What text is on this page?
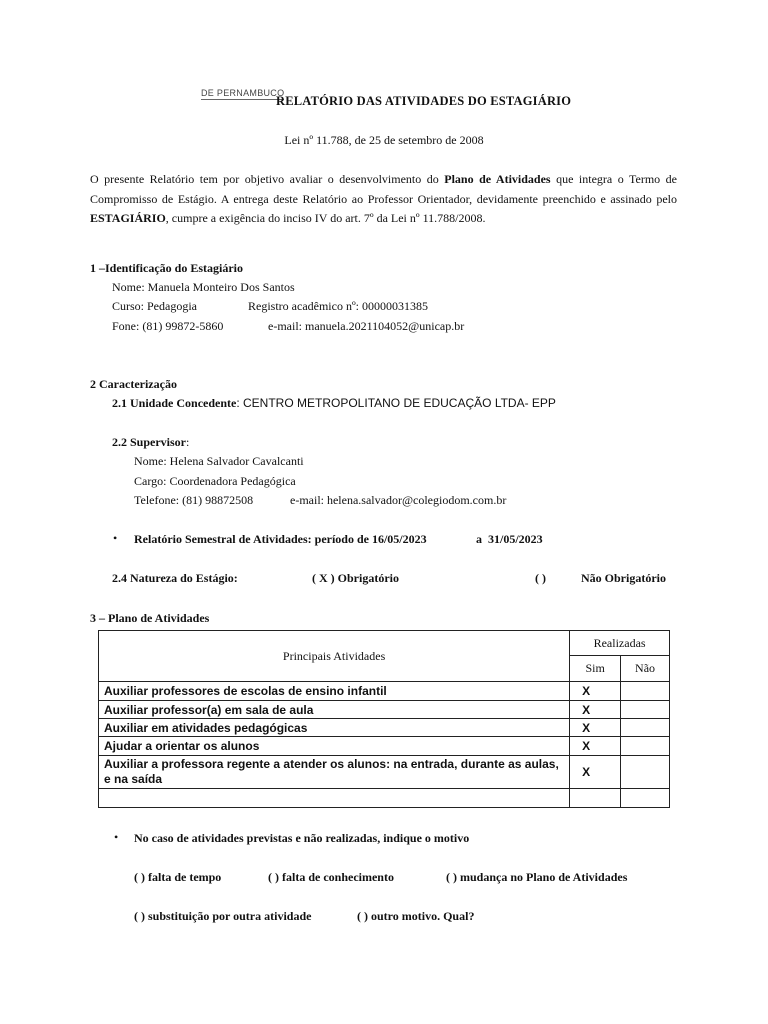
DE PERNAMBUCO
RELATÓRIO DAS ATIVIDADES DO ESTAGIÁRIO
Lei nº 11.788, de 25 de setembro de 2008
O presente Relatório tem por objetivo avaliar o desenvolvimento do Plano de Atividades que integra o Termo de Compromisso de Estágio. A entrega deste Relatório ao Professor Orientador, devidamente preenchido e assinado pelo ESTAGIÁRIO, cumpre a exigência do inciso IV do art. 7º da Lei nº 11.788/2008.
1 –Identificação do Estagiário
Nome: Manuela Monteiro Dos Santos
Curso: Pedagogia	Registro acadêmico nº: 00000031385
Fone: (81) 99872-5860	e-mail: manuela.2021104052@unicap.br
2 Caracterização
2.1 Unidade Concedente: CENTRO METROPOLITANO DE EDUCAÇÃO LTDA- EPP
2.2 Supervisor:
Nome: Helena Salvador Cavalcanti
Cargo: Coordenadora Pedagógica
Telefone: (81) 98872508	e-mail: helena.salvador@colegiodom.com.br
• Relatório Semestral de Atividades: período de 16/05/2023	a 31/05/2023
2.4 Natureza do Estágio:	( X ) Obrigatório	( )	Não Obrigatório
3 – Plano de Atividades
Principais Atividades	Realizadas	
	Sim	Não
Auxiliar professores de escolas de ensino infantil	X	
Auxiliar professor(a) em sala de aula	X	
Auxiliar em atividades pedagógicas	X	
Ajudar a orientar os alunos	X	
Auxiliar a professora regente a atender os alunos: na entrada, durante as aulas, e na saída	X	

• No caso de atividades previstas e não realizadas, indique o motivo
( ) falta de tempo	( ) falta de conhecimento	( ) mudança no Plano de Atividades
( ) substituição por outra atividade	( ) outro motivo. Qual?
